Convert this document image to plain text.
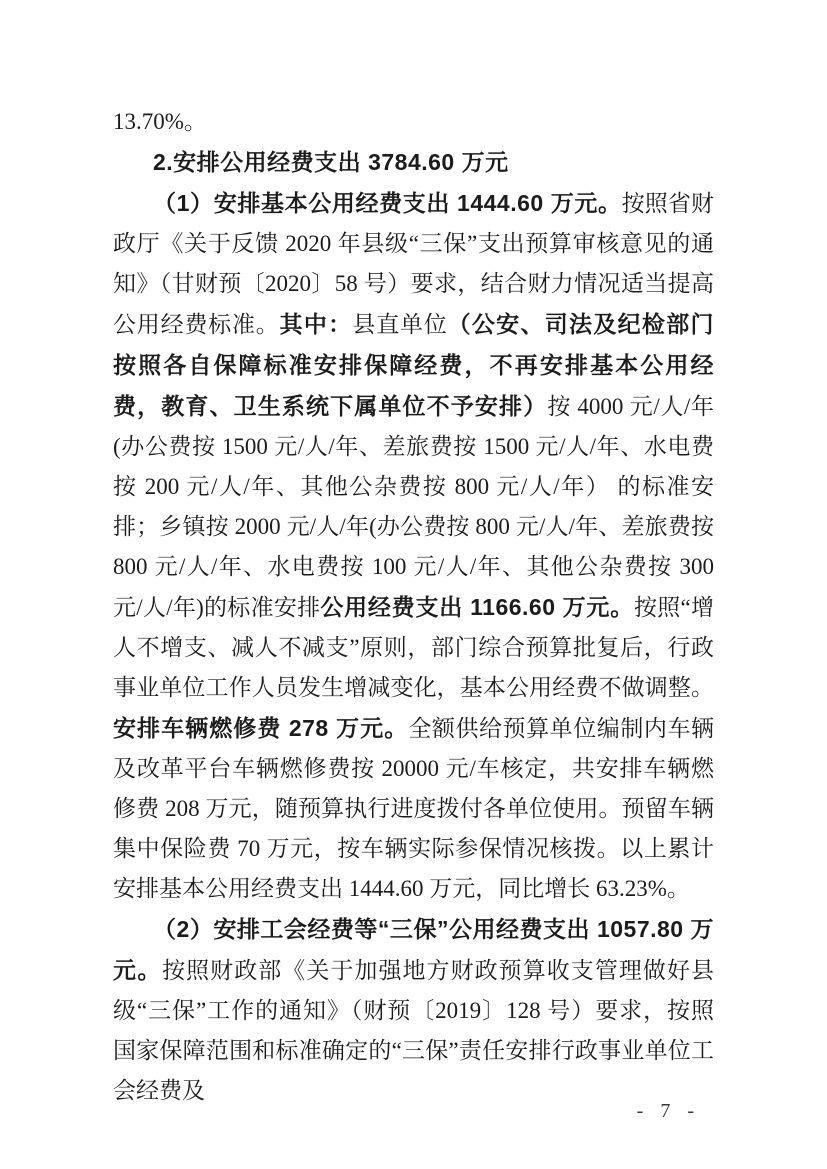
13.70%。

2.安排公用经费支出 3784.60 万元

（1）安排基本公用经费支出 1444.60 万元。按照省财政厅《关于反馈 2020 年县级“三保”支出预算审核意见的通知》（甘财预〔2020〕58 号）要求，结合财力情况适当提高公用经费标准。其中：县直单位（公安、司法及纪检部门按照各自保障标准安排保障经费，不再安排基本公用经费，教育、卫生系统下属单位不予安排）按 4000 元/人/年(办公费按 1500 元/人/年、差旅费按 1500 元/人/年、水电费按 200 元/人/年、其他公杂费按 800 元/人/年） 的标准安排；乡镇按 2000 元/人/年(办公费按 800 元/人/年、差旅费按 800 元/人/年、水电费按 100 元/人/年、其他公杂费按 300 元/人/年)的标准安排公用经费支出 1166.60 万元。按照“增人不增支、减人不减支”原则，部门综合预算批复后，行政事业单位工作人员发生增减变化，基本公用经费不做调整。安排车辆燃修费 278 万元。全额供给预算单位编制内车辆及改革平台车辆燃修费按 20000 元/车核定，共安排车辆燃修费 208 万元，随预算执行进度拨付各单位使用。预留车辆集中保险费 70 万元，按车辆实际参保情况核拨。以上累计安排基本公用经费支出 1444.60 万元，同比增长 63.23%。

（2）安排工会经费等“三保”公用经费支出 1057.80 万元。按照财政部《关于加强地方财政预算收支管理做好县级“三保”工作的通知》（财预〔2019〕128 号）要求，按照国家保障范围和标准确定的“三保”责任安排行政事业单位工会经费及

- 7 -
